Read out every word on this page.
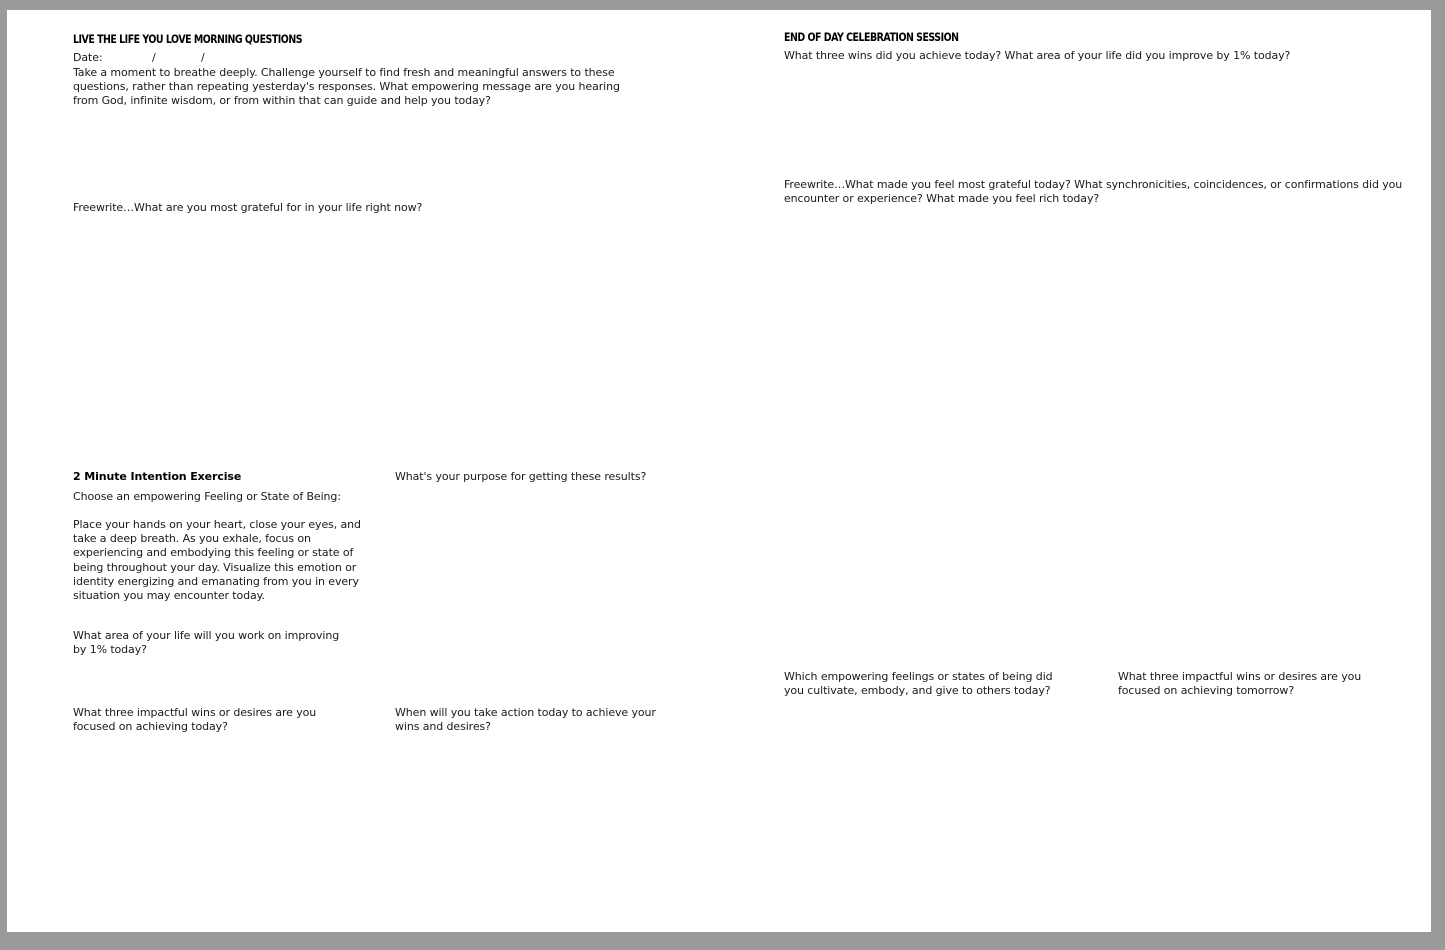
LIVE THE LIFE YOU LOVE MORNING QUESTIONS
Date:	/	/
Take a moment to breathe deeply. Challenge yourself to find fresh and meaningful answers to these questions, rather than repeating yesterday's responses. What empowering message are you hearing from God, infinite wisdom, or from within that can guide and help you today?
Freewrite…What are you most grateful for in your life right now?
2 Minute Intention Exercise
Choose an empowering Feeling or State of Being:
Place your hands on your heart, close your eyes, and take a deep breath. As you exhale, focus on experiencing and embodying this feeling or state of being throughout your day. Visualize this emotion or identity energizing and emanating from you in every situation you may encounter today.
What's your purpose for getting these results?
What area of your life will you work on improving by 1% today?
What three impactful wins or desires are you focused on achieving today?
When will you take action today to achieve your wins and desires?
END OF DAY CELEBRATION SESSION
What three wins did you achieve today? What area of your life did you improve by 1% today?
Freewrite…What made you feel most grateful today? What synchronicities, coincidences, or confirmations did you encounter or experience? What made you feel rich today?
Which empowering feelings or states of being did you cultivate, embody, and give to others today?
What three impactful wins or desires are you focused on achieving tomorrow?
